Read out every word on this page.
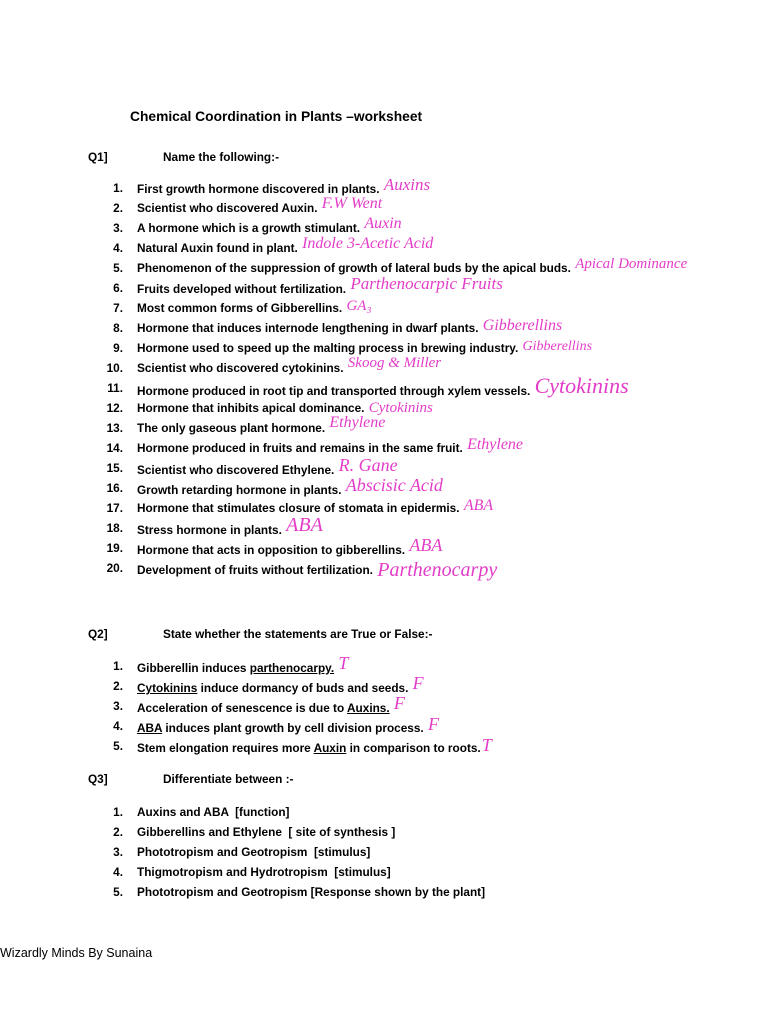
Chemical Coordination in Plants –worksheet
Q1]	Name the following:-
1. First growth hormone discovered in plants. Auxins
2. Scientist who discovered Auxin. F.W Went
3. A hormone which is a growth stimulant. Auxin
4. Natural Auxin found in plant. Indole 3-Acetic Acid
5. Phenomenon of the suppression of growth of lateral buds by the apical buds. Apical Dominance
6. Fruits developed without fertilization. Parthenocarpic Fruits
7. Most common forms of Gibberellins. GA₃
8. Hormone that induces internode lengthening in dwarf plants. Gibberellins
9. Hormone used to speed up the malting process in brewing industry. Gibberellins
10. Scientist who discovered cytokinins. Skoog & Miller
11. Hormone produced in root tip and transported through xylem vessels. Cytokinins
12. Hormone that inhibits apical dominance. Cytokinins
13. The only gaseous plant hormone. Ethylene
14. Hormone produced in fruits and remains in the same fruit. Ethylene
15. Scientist who discovered Ethylene. R. Gane
16. Growth retarding hormone in plants. Abscisic Acid
17. Hormone that stimulates closure of stomata in epidermis. ABA
18. Stress hormone in plants. ABA
19. Hormone that acts in opposition to gibberellins. ABA
20. Development of fruits without fertilization. Parthenocarpy
Q2]	State whether the statements are True or False:-
1. Gibberellin induces parthenocarpy. T
2. Cytokinins induce dormancy of buds and seeds. F
3. Acceleration of senescence is due to Auxins. F
4. ABA induces plant growth by cell division process. F
5. Stem elongation requires more Auxin in comparison to roots.T
Q3]	Differentiate between :-
1. Auxins and ABA  [function]
2. Gibberellins and Ethylene  [ site of synthesis ]
3. Phototropism and Geotropism  [stimulus]
4. Thigmotropism and Hydrotropism  [stimulus]
5. Phototropism and Geotropism [Response shown by the plant]
Wizardly Minds By Sunaina
